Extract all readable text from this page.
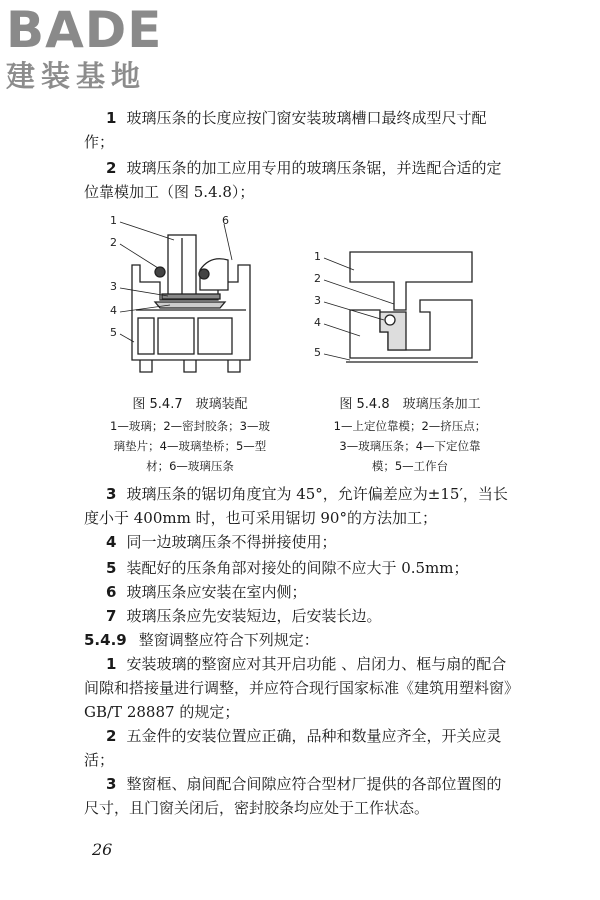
BADE
建装基地

1 玻璃压条的长度应按门窗安装玻璃槽口最终成型尺寸配作；

2 玻璃压条的加工应用专用的玻璃压条锯，并选配合适的定位靠模加工（图 5.4.8）；

1
2
3
4
5
6
1
2
3
4
5
图 5.4.7　玻璃装配
1—玻璃；2—密封胶条；3—玻
璃垫片；4—玻璃垫桥；5—型
材；6—玻璃压条
图 5.4.8　玻璃压条加工
1—上定位靠模；2—挤压点；
3—玻璃压条；4—下定位靠
模；5—工作台

3 玻璃压条的锯切角度宜为 45°，允许偏差应为±15′，当长度小于 400mm 时，也可采用锯切 90°的方法加工；

4 同一边玻璃压条不得拼接使用；

5 装配好的压条角部对接处的间隙不应大于 0.5mm；

6 玻璃压条应安装在室内侧；

7 玻璃压条应先安装短边，后安装长边。

5.4.9 整窗调整应符合下列规定：

1 安装玻璃的整窗应对其开启功能 、启闭力、框与扇的配合间隙和搭接量进行调整，并应符合现行国家标准《建筑用塑料窗》GB/T 28887 的规定；

2 五金件的安装位置应正确，品种和数量应齐全，开关应灵活；

3 整窗框、扇间配合间隙应符合型材厂提供的各部位置图的尺寸，且门窗关闭后，密封胶条均应处于工作状态。

26
